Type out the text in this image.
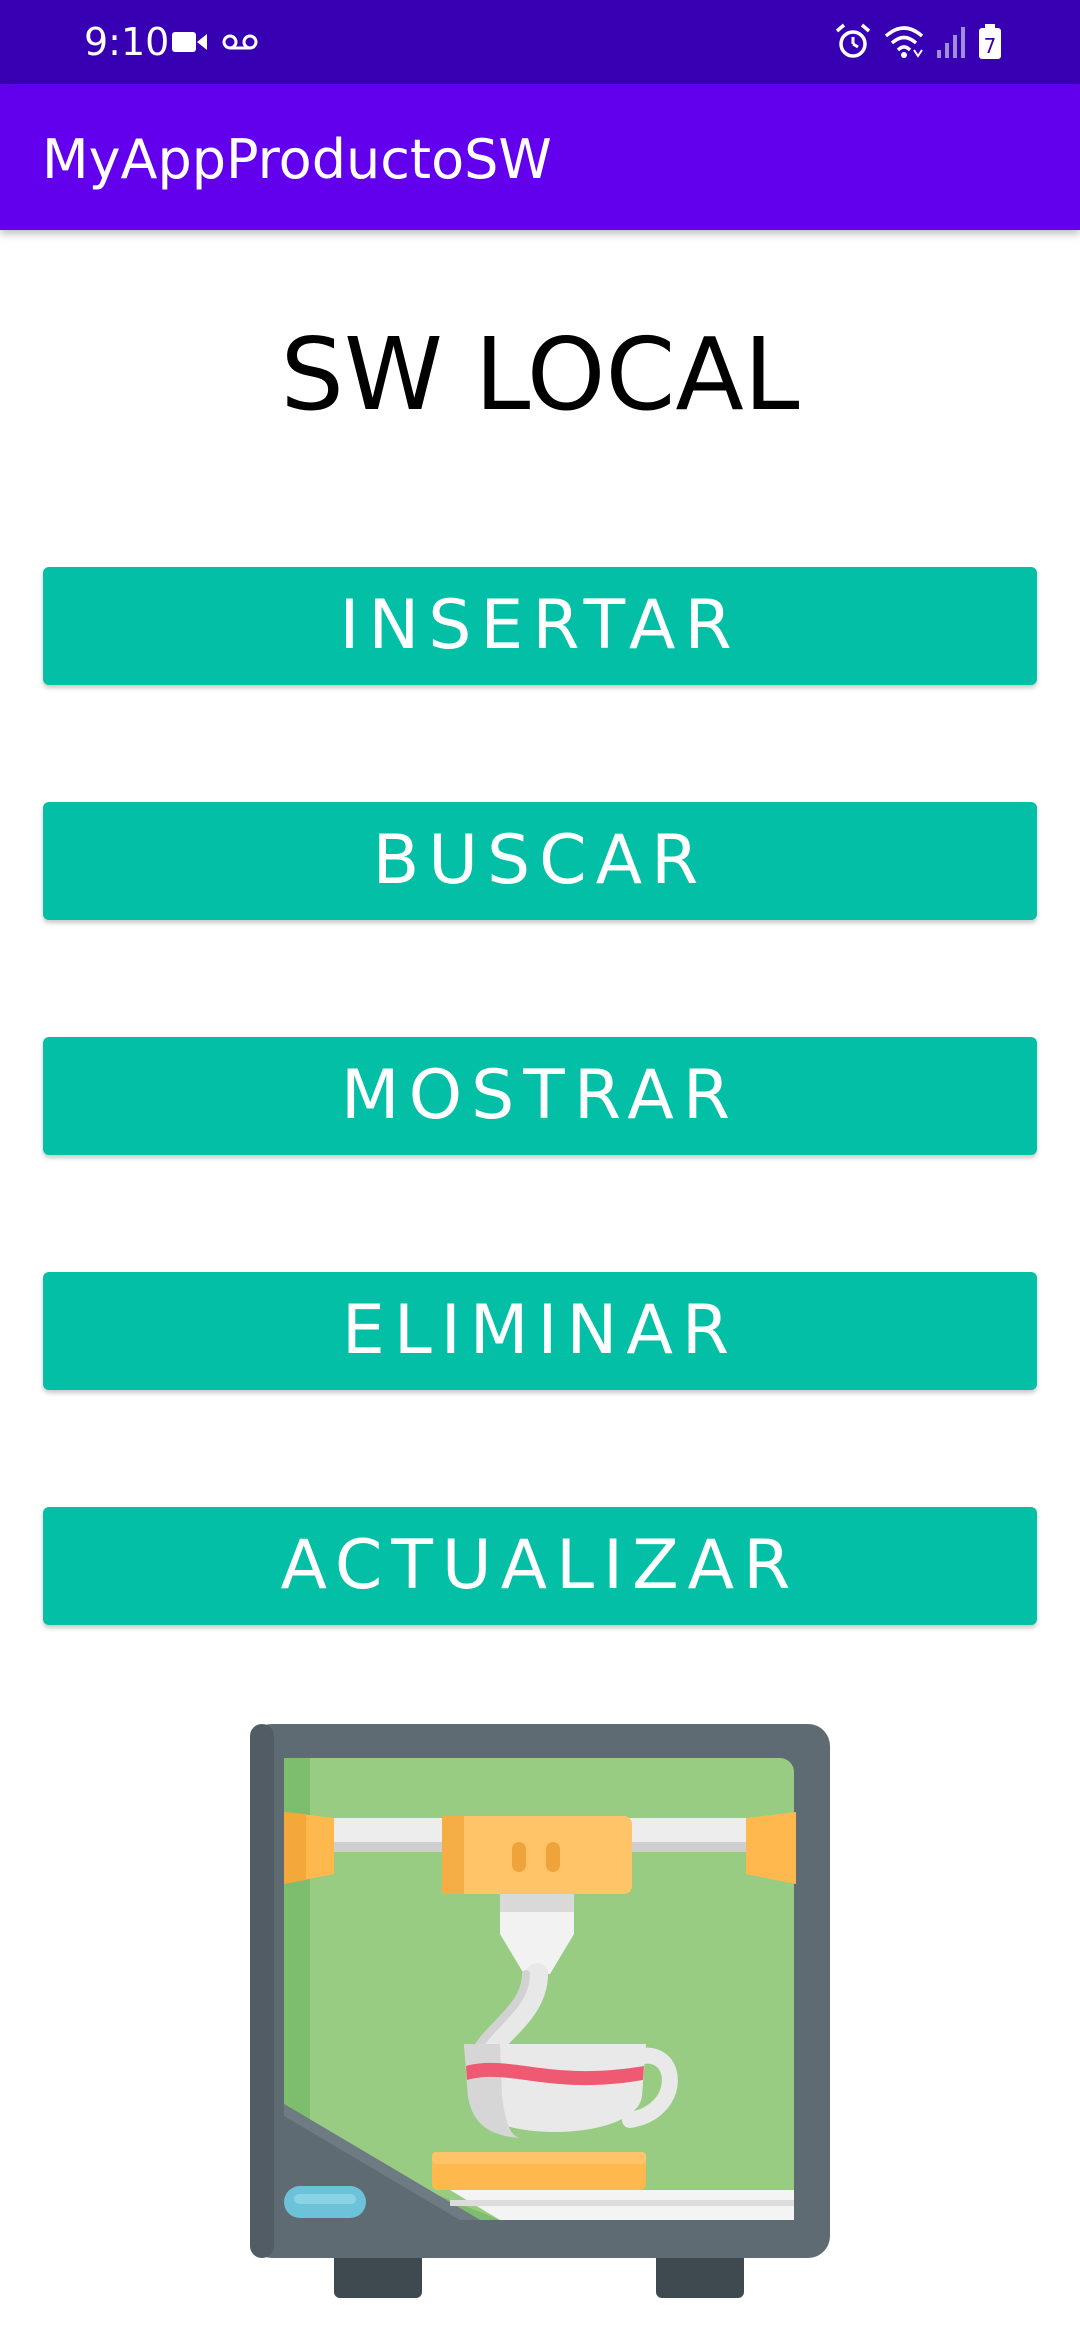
9:10	7
MyAppProductoSW
SW LOCAL
INSERTAR
BUSCAR
MOSTRAR
ELIMINAR
ACTUALIZAR
